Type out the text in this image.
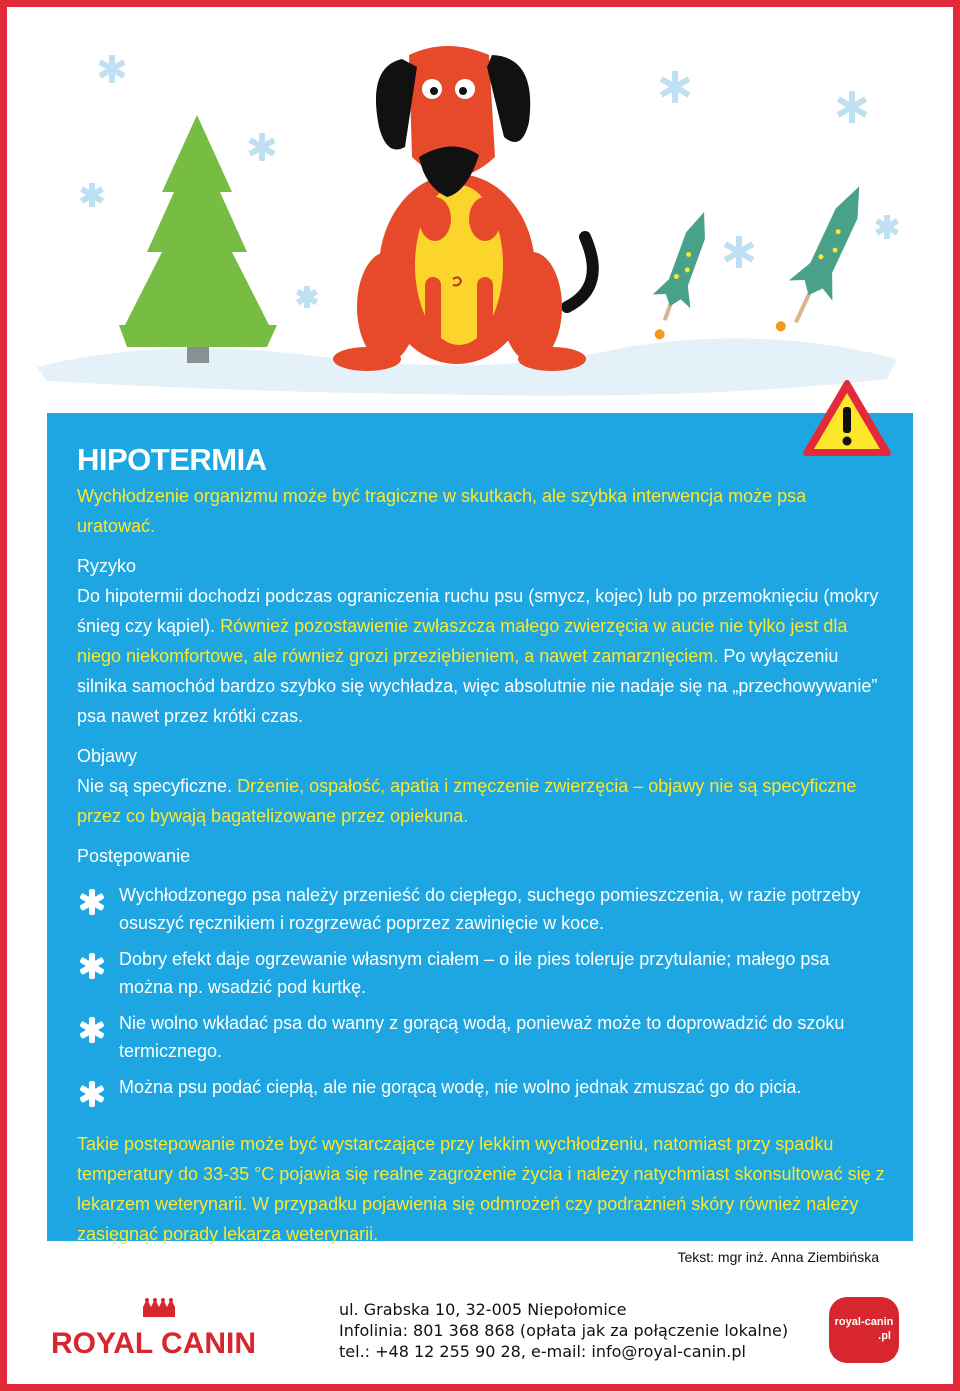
HIPOTERMIA

Wychłodzenie organizmu może być tragiczne w skutkach, ale szybka interwencja może psa uratować.

Ryzyko

Do hipotermii dochodzi podczas ograniczenia ruchu psu (smycz, kojec) lub po przemoknięciu (mokry śnieg czy kąpiel). Również pozostawienie zwłaszcza małego zwierzęcia w aucie nie tylko jest dla niego niekomfortowe, ale również grozi przeziębieniem, a nawet zamarznięciem. Po wyłączeniu silnika samochód bardzo szybko się wychładza, więc absolutnie nie nadaje się na „przechowywanie” psa nawet przez krótki czas.

Objawy

Nie są specyficzne. Drżenie, ospałość, apatia i zmęczenie zwierzęcia – objawy nie są specyficzne przez co bywają bagatelizowane przez opiekuna.

Postępowanie

Wychłodzonego psa należy przenieść do ciepłego, suchego pomieszczenia, w razie potrzeby osuszyć ręcznikiem i rozgrzewać poprzez zawinięcie w koce.
Dobry efekt daje ogrzewanie własnym ciałem – o ile pies toleruje przytulanie; małego psa można np. wsadzić pod kurtkę.
Nie wolno wkładać psa do wanny z gorącą wodą, ponieważ może to doprowadzić do szoku termicznego.
Można psu podać ciepłą, ale nie gorącą wodę, nie wolno jednak zmuszać go do picia.

Takie postepowanie może być wystarczające przy lekkim wychłodzeniu, natomiast przy spadku temperatury do 33-35 °C pojawia się realne zagrożenie życia i należy natychmiast skonsultować się z lekarzem weterynarii. W przypadku pojawienia się odmrożeń czy podrażnień skóry również należy zasięgnąć porady lekarza weterynarii.

Tekst: mgr inż. Anna Ziembińska
ROYAL CANIN
ul. Grabska 10, 32-005 Niepołomice
Infolinia: 801 368 868 (opłata jak za połączenie lokalne)
tel.: +48 12 255 90 28, e-mail: info@royal-canin.pl
royal-canin
.pl
